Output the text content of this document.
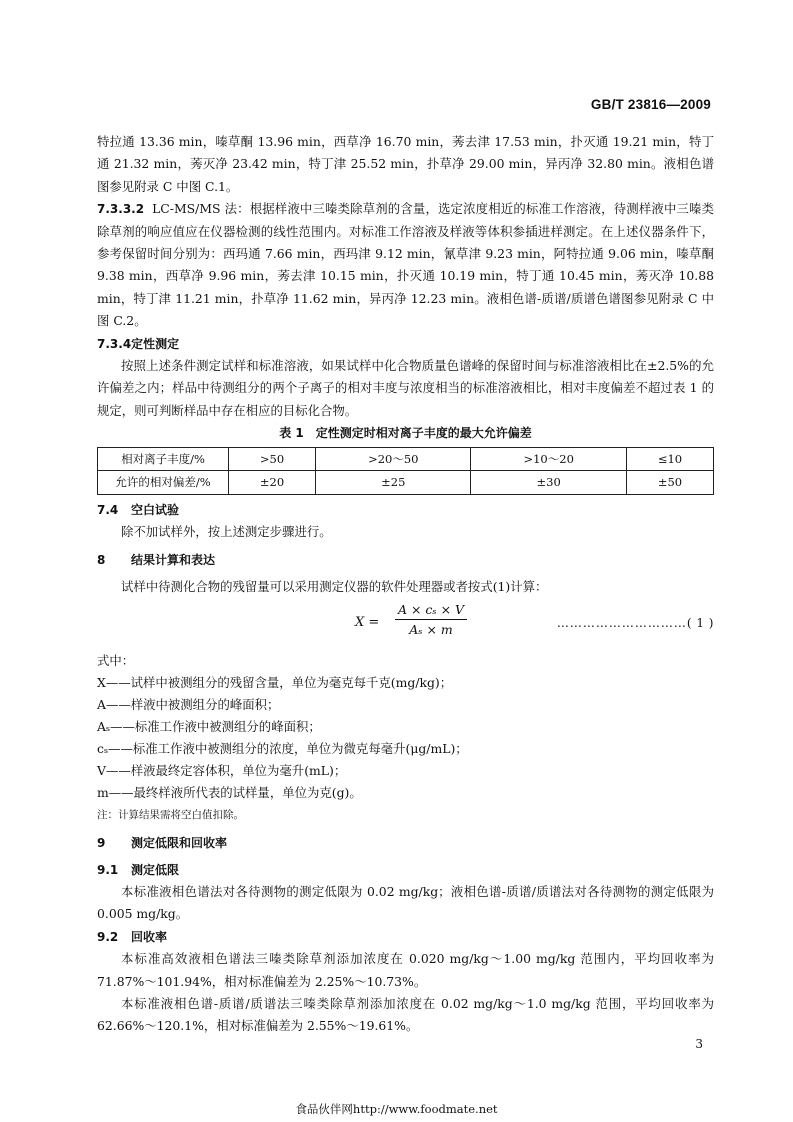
GB/T 23816—2009

特拉通 13.36 min，嗪草酮 13.96 min，西草净 16.70 min，莠去津 17.53 min，扑灭通 19.21 min，特丁通 21.32 min，莠灭净 23.42 min，特丁津 25.52 min，扑草净 29.00 min，异丙净 32.80 min。液相色谱图参见附录 C 中图 C.1。

7.3.3.2 LC-MS/MS 法：根据样液中三嗪类除草剂的含量，选定浓度相近的标准工作溶液，待测样液中三嗪类除草剂的响应值应在仪器检测的线性范围内。对标准工作溶液及样液等体积参插进样测定。在上述仪器条件下，参考保留时间分别为：西玛通 7.66 min，西玛津 9.12 min，氰草津 9.23 min，阿特拉通 9.06 min，嗪草酮 9.38 min，西草净 9.96 min，莠去津 10.15 min，扑灭通 10.19 min，特丁通 10.45 min，莠灭净 10.88 min，特丁津 11.21 min，扑草净 11.62 min，异丙净 12.23 min。液相色谱-质谱/质谱色谱图参见附录 C 中图 C.2。

7.3.4定性测定

按照上述条件测定试样和标准溶液，如果试样中化合物质量色谱峰的保留时间与标准溶液相比在±2.5%的允许偏差之内；样品中待测组分的两个子离子的相对丰度与浓度相当的标准溶液相比，相对丰度偏差不超过表 1 的规定，则可判断样品中存在相应的目标化合物。

表 1　定性测定时相对离子丰度的最大允许偏差

相对离子丰度/%	>50	>20～50	>10～20	≤10
允许的相对偏差/%	±20	±25	±30	±50

7.4 空白试验

除不加试样外，按上述测定步骤进行。

8 结果计算和表达

试样中待测化合物的残留量可以采用测定仪器的软件处理器或者按式(1)计算：

$X = \frac{\text{A × cₛ × V}}{\text{Aₛ × m}}$	…………………………( 1 )

式中：

X——试样中被测组分的残留含量，单位为毫克每千克(mg/kg)；

A——样液中被测组分的峰面积；

Aₛ——标准工作液中被测组分的峰面积；

cₛ——标准工作液中被测组分的浓度，单位为微克每毫升(μg/mL)；

V——样液最终定容体积，单位为毫升(mL)；

m——最终样液所代表的试样量，单位为克(g)。

注：计算结果需将空白值扣除。

9 测定低限和回收率

9.1 测定低限

本标准液相色谱法对各待测物的测定低限为 0.02 mg/kg；液相色谱-质谱/质谱法对各待测物的测定低限为 0.005 mg/kg。

9.2 回收率

本标准高效液相色谱法三嗪类除草剂添加浓度在 0.020 mg/kg～1.00 mg/kg 范围内，平均回收率为 71.87%～101.94%，相对标准偏差为 2.25%～10.73%。

本标准液相色谱-质谱/质谱法三嗪类除草剂添加浓度在 0.02 mg/kg～1.0 mg/kg 范围，平均回收率为 62.66%～120.1%，相对标准偏差为 2.55%～19.61%。

3
食品伙伴网http://www.foodmate.net
